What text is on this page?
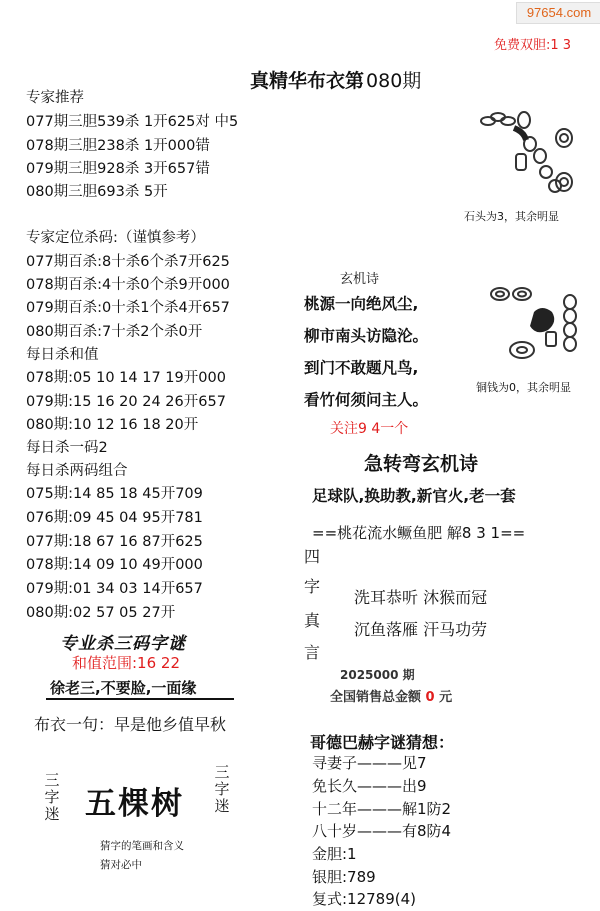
97654.com
免费双胆:1 3
真精华布衣第 080期
专家推荐
077期三胆539杀 1开625对 中5
078期三胆238杀 1开000错
079期三胆928杀 3开657错
080期三胆693杀 5开
专家定位杀码:（谨慎参考）
077期百杀:8十杀6个杀7开625
078期百杀:4十杀0个杀9开000
079期百杀:0十杀1个杀4开657
080期百杀:7十杀2个杀0开
每日杀和值
078期:05 10 14 17 19开000
079期:15 16 20 24 26开657
080期:10 12 16 18 20开
每日杀一码2
每日杀两码组合
075期:14 85 18 45开709
076期:09 45 04 95开781
077期:18 67 16 87开625
078期:14 09 10 49开000
079期:01 34 03 14开657
080期:02 57 05 27开
专业杀三码字谜
和值范围:16 22
徐老三,不要脸,一面缘
布衣一句：早是他乡值早秋
三字迷 五棵树
三字迷
猜字的笔画和含义
猜对必中
石头为3，其余明显
玄机诗
桃源一向绝风尘,
柳市南头访隐沦。
到门不敢题凡鸟,
看竹何须问主人。
关注9 4一个
铜钱为0，其余明显
急转弯玄机诗
足球队,换助教,新官火,老一套
==桃花流水鳜鱼肥 解8 3 1==
四
字
真
言
洗耳恭听 沐猴而冠
沉鱼落雁 汗马功劳
2025000 期
全国销售总金额 0 元
哥德巴赫字谜猜想：
寻妻子———见7
免长久———出9
十二年———解1防2
八十岁———有8防4
金胆:1
银胆:789
复式:12789(4)
